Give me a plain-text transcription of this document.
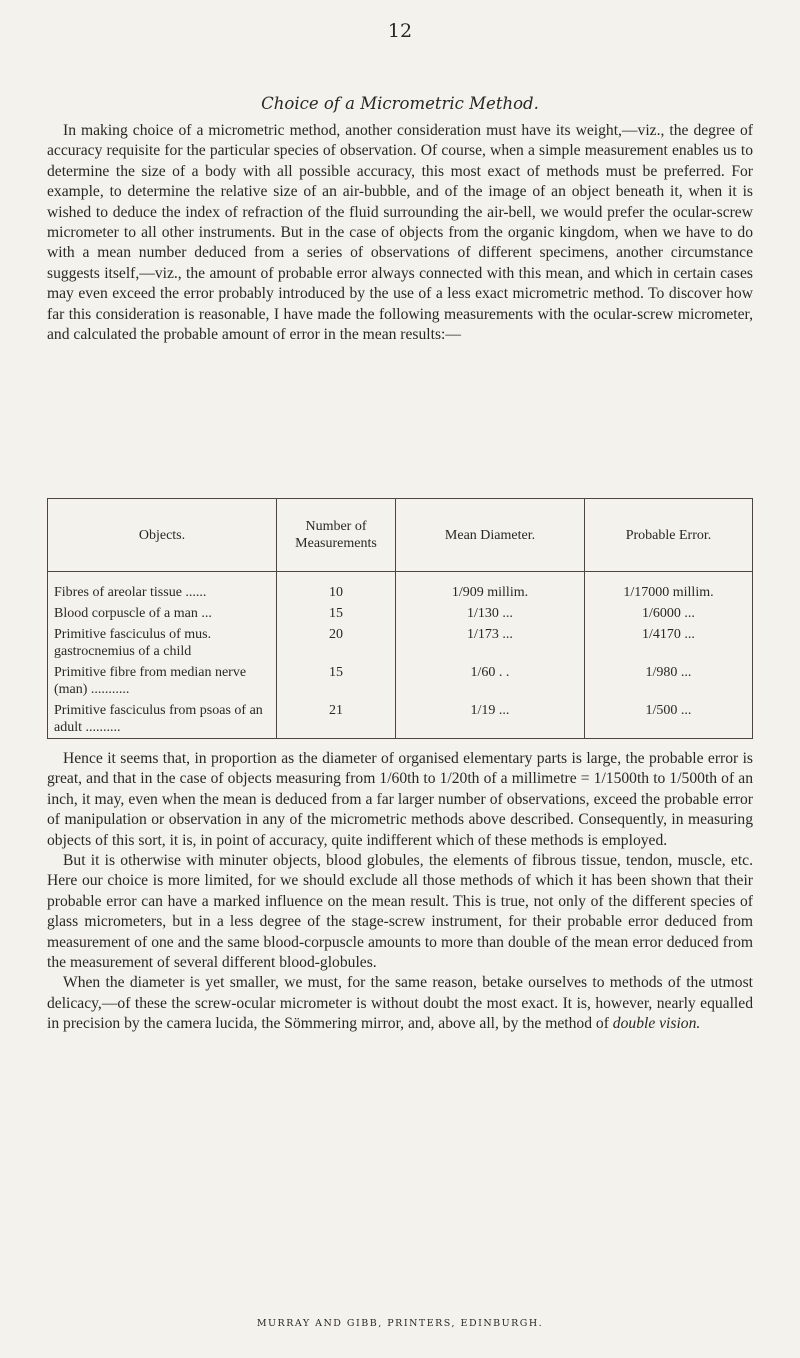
12
Choice of a Micrometric Method.

In making choice of a micrometric method, another consideration must have its weight,—viz., the degree of accuracy requisite for the particular species of observation. Of course, when a simple measurement enables us to determine the size of a body with all possible accuracy, this most exact of methods must be preferred. For example, to determine the relative size of an air-bubble, and of the image of an object beneath it, when it is wished to deduce the index of refraction of the fluid surrounding the air-bell, we would prefer the ocular-screw micrometer to all other instruments. But in the case of objects from the organic kingdom, when we have to do with a mean number deduced from a series of observations of different specimens, another circumstance suggests itself,—viz., the amount of probable error always connected with this mean, and which in certain cases may even exceed the error probably introduced by the use of a less exact micrometric method. To discover how far this consideration is reasonable, I have made the following measurements with the ocular-screw micrometer, and calculated the probable amount of error in the mean results:—

Objects.	Number of Measurements	Mean Diameter.	Probable Error.
Fibres of areolar tissue ......	10	1/909 millim.	1/17000 millim.
Blood corpuscle of a man ...	15	1/130 ...	1/6000 ...
Primitive fasciculus of mus. gastrocnemius of a child	20	1/173 ...	1/4170 ...
Primitive fibre from median nerve (man) ...........	15	1/60 . .	1/980 ...
Primitive fasciculus from psoas of an adult ..........	21	1/19 ...	1/500 ...

Hence it seems that, in proportion as the diameter of organised elementary parts is large, the probable error is great, and that in the case of objects measuring from 1/60th to 1/20th of a millimetre = 1/1500th to 1/500th of an inch, it may, even when the mean is deduced from a far larger number of observations, exceed the probable error of manipulation or observation in any of the micrometric methods above described. Consequently, in measuring objects of this sort, it is, in point of accuracy, quite indifferent which of these methods is employed.

But it is otherwise with minuter objects, blood globules, the elements of fibrous tissue, tendon, muscle, etc. Here our choice is more limited, for we should exclude all those methods of which it has been shown that their probable error can have a marked influence on the mean result. This is true, not only of the different species of glass micrometers, but in a less degree of the stage-screw instrument, for their probable error deduced from measurement of one and the same blood-corpuscle amounts to more than double of the mean error deduced from the measurement of several different blood-globules.

When the diameter is yet smaller, we must, for the same reason, betake ourselves to methods of the utmost delicacy,—of these the screw-ocular micrometer is without doubt the most exact. It is, however, nearly equalled in precision by the camera lucida, the Sömmering mirror, and, above all, by the method of double vision.

MURRAY AND GIBB, PRINTERS, EDINBURGH.
